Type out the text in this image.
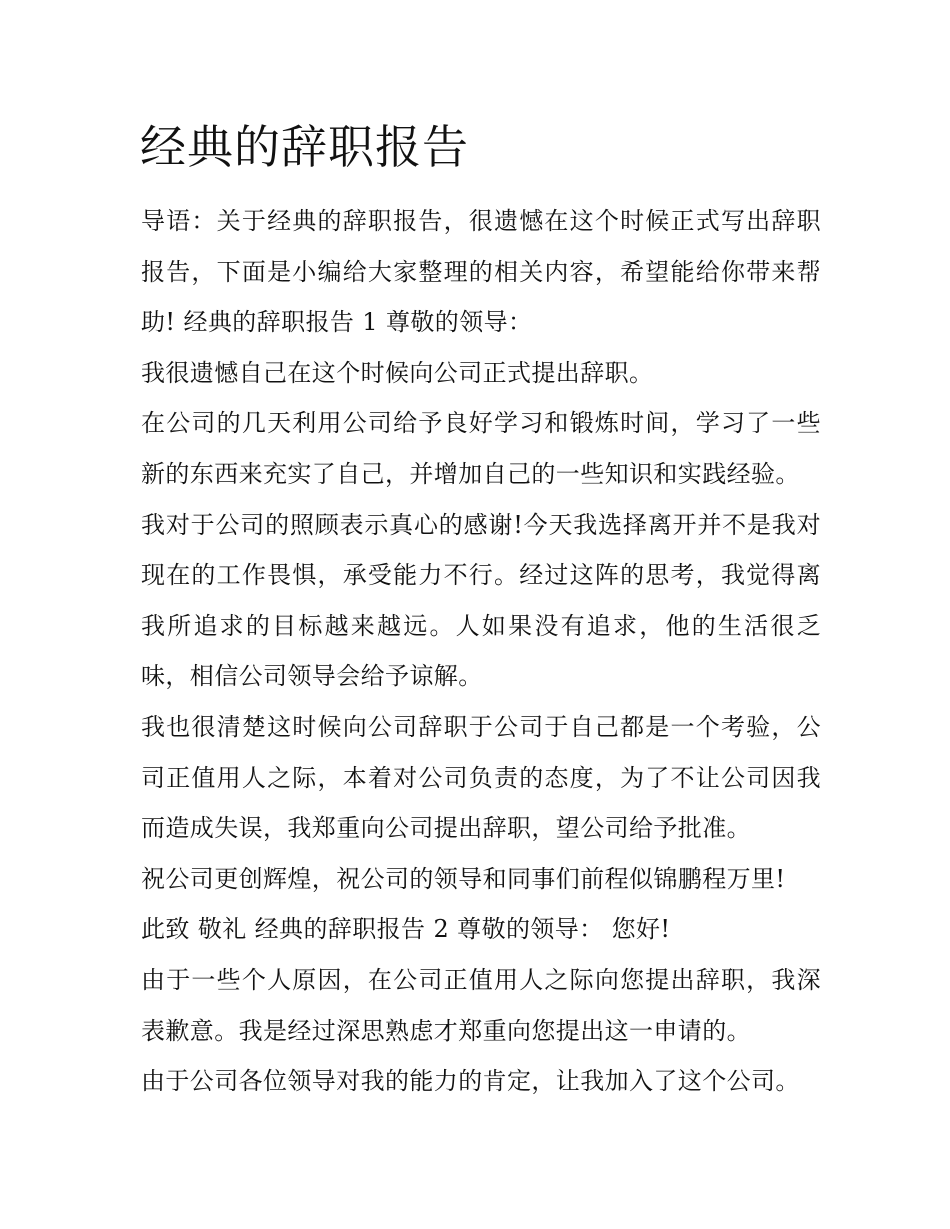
经典的辞职报告

导语：关于经典的辞职报告，很遗憾在这个时候正式写出辞职报告，下面是小编给大家整理的相关内容，希望能给你带来帮助! 经典的辞职报告 1 尊敬的领导：

我很遗憾自己在这个时候向公司正式提出辞职。

在公司的几天利用公司给予良好学习和锻炼时间，学习了一些新的东西来充实了自己，并增加自己的一些知识和实践经验。

我对于公司的照顾表示真心的感谢!今天我选择离开并不是我对现在的工作畏惧，承受能力不行。经过这阵的思考，我觉得离我所追求的目标越来越远。人如果没有追求，他的生活很乏味，相信公司领导会给予谅解。

我也很清楚这时候向公司辞职于公司于自己都是一个考验，公司正值用人之际，本着对公司负责的态度，为了不让公司因我而造成失误，我郑重向公司提出辞职，望公司给予批准。

祝公司更创辉煌，祝公司的领导和同事们前程似锦鹏程万里!

此致 敬礼 经典的辞职报告 2 尊敬的领导： 您好!

由于一些个人原因，在公司正值用人之际向您提出辞职，我深表歉意。我是经过深思熟虑才郑重向您提出这一申请的。

由于公司各位领导对我的能力的肯定，让我加入了这个公司。
